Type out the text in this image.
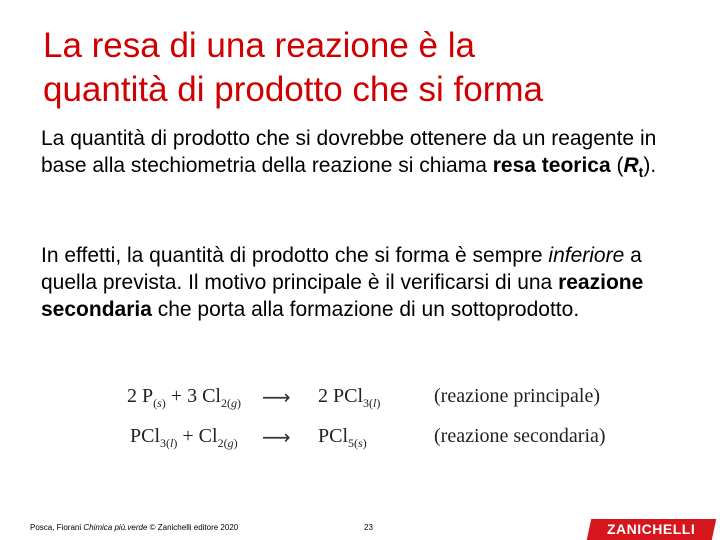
La resa di una reazione è la
quantità di prodotto che si forma
La quantità di prodotto che si dovrebbe ottenere da un reagente in base alla stechiometria della reazione si chiama resa teorica $(R_t)$.
In effetti, la quantità di prodotto che si forma è sempre inferiore a quella prevista. Il motivo principale è il verificarsi di una reazione secondaria che porta alla formazione di un sottoprodotto.
2 $P_{(s)} + 3$ $Cl_{2(g)}$ ⟶ 2 PCl$_{3(l)}$	(reazione principale)
$PCl_{3(l)} + Cl_{2(g)}$ ⟶ PCl$_{5(s)}$	(reazione secondaria)
Posca, Fiorani Chimica più.verde © Zanichelli editore 2020	23	ZANICHELLI
